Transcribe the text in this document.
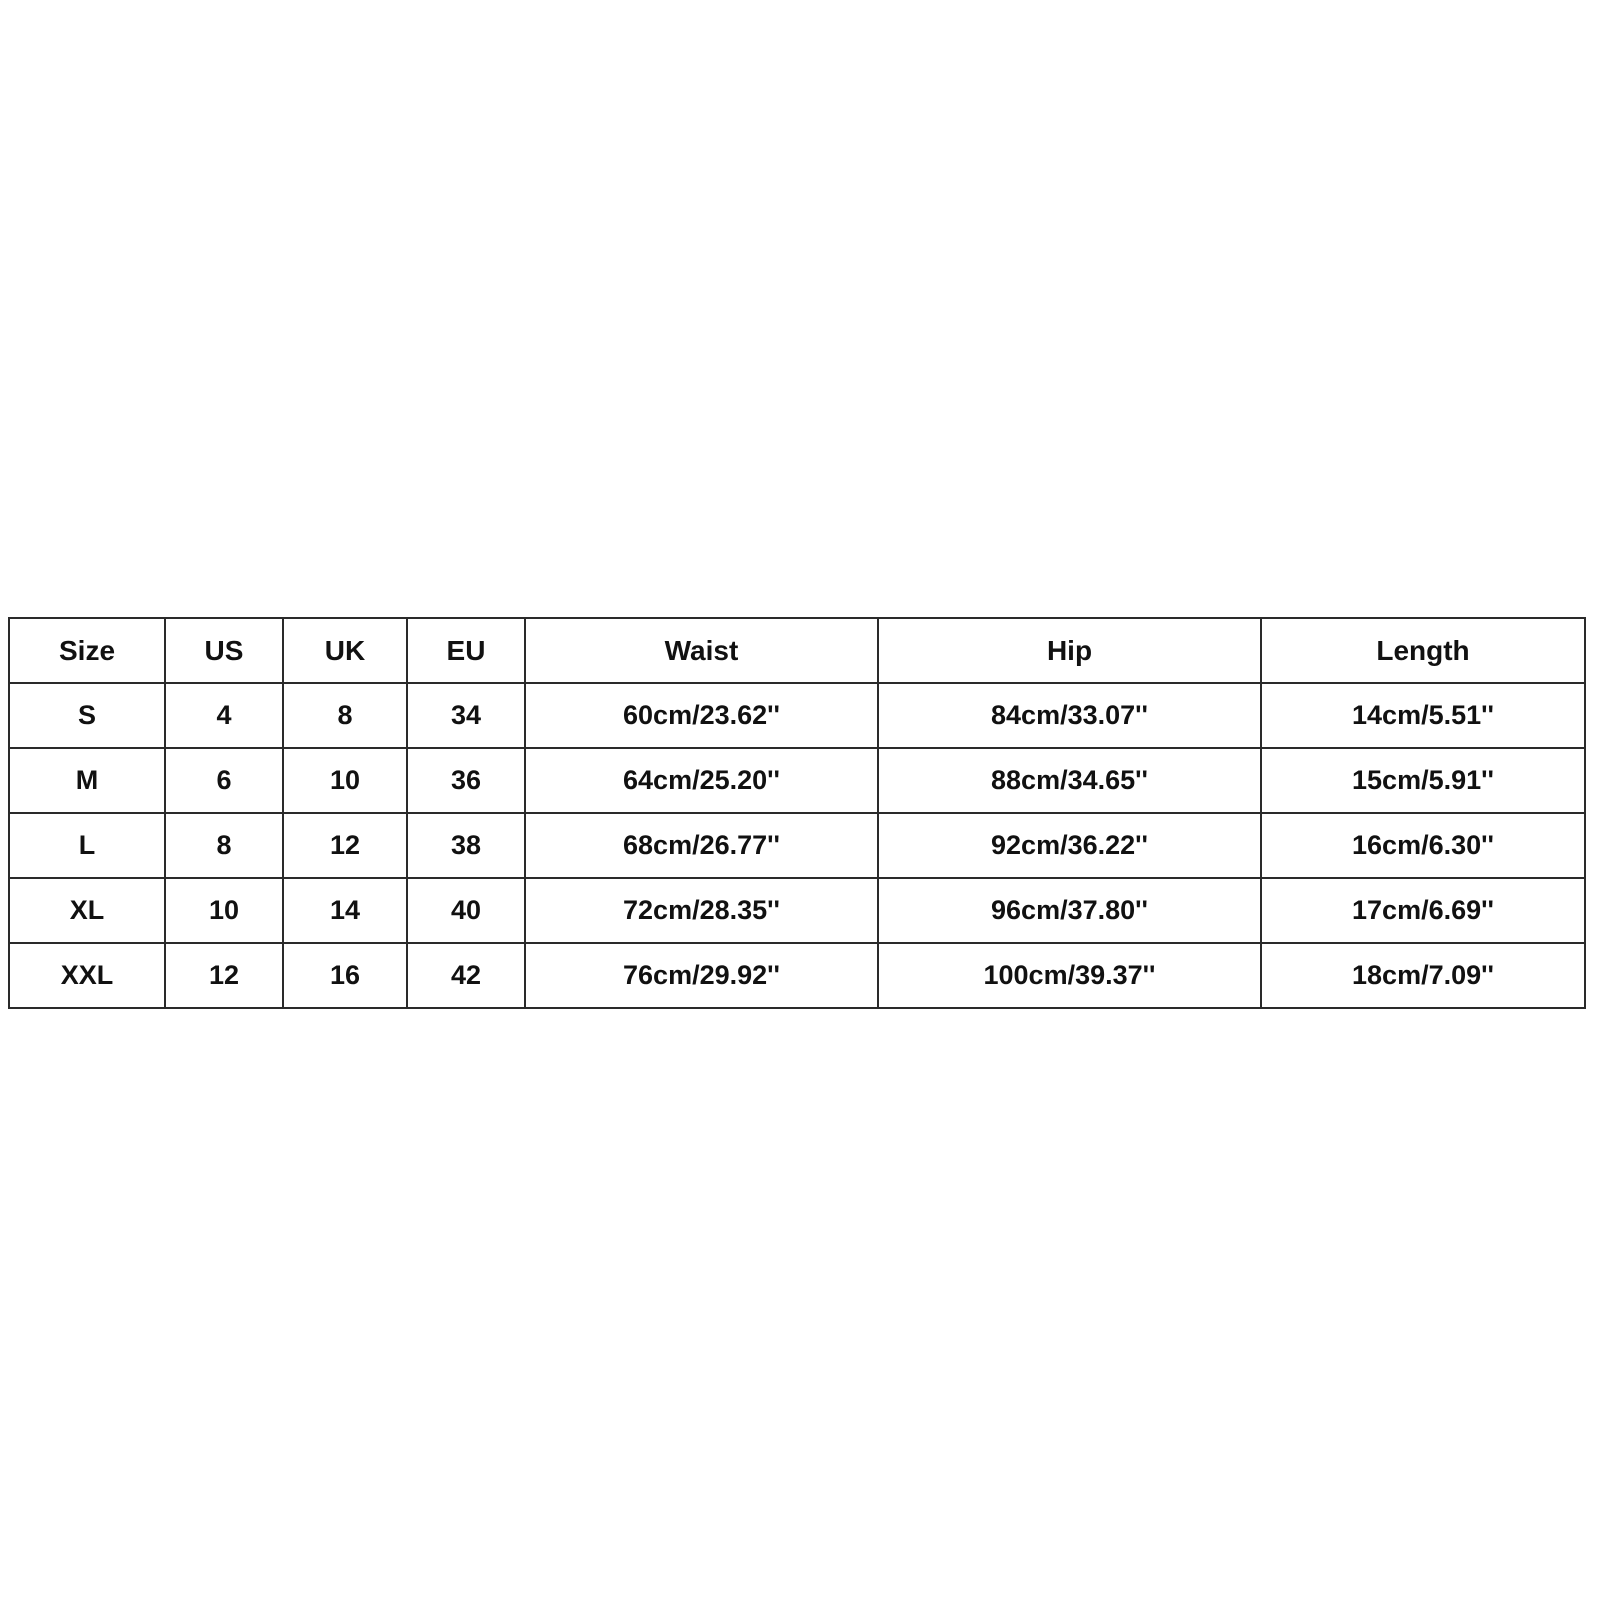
Size	US	UK	EU	Waist	Hip	Length
S	4	8	34	60cm/23.62''	84cm/33.07''	14cm/5.51''
M	6	10	36	64cm/25.20''	88cm/34.65''	15cm/5.91''
L	8	12	38	68cm/26.77''	92cm/36.22''	16cm/6.30''
XL	10	14	40	72cm/28.35''	96cm/37.80''	17cm/6.69''
XXL	12	16	42	76cm/29.92''	100cm/39.37''	18cm/7.09''
